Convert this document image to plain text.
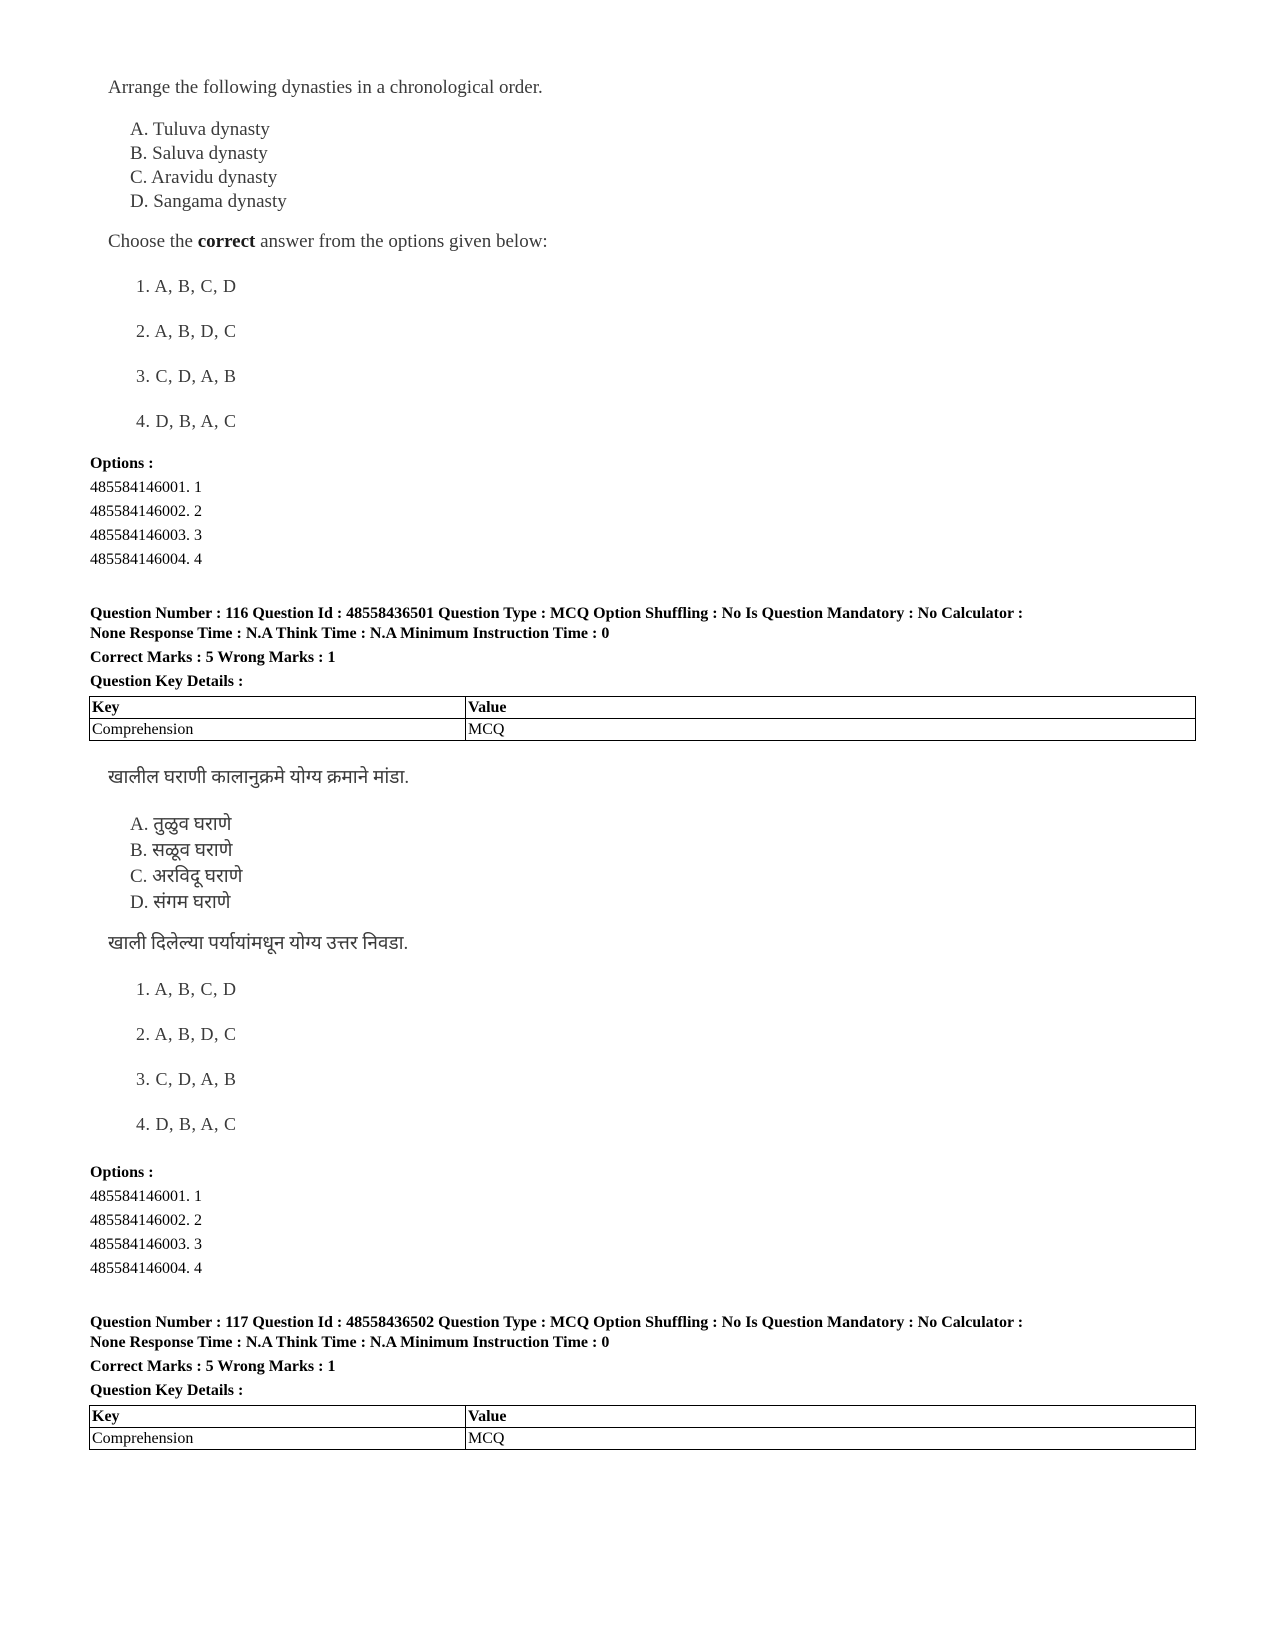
Arrange the following dynasties in a chronological order.

A. Tuluva dynasty
B. Saluva dynasty
C. Aravidu dynasty
D. Sangama dynasty

Choose the correct answer from the options given below:

1. A, B, C, D
2. A, B, D, C
3. C, D, A, B
4. D, B, A, C
Options :
485584146001. 1
485584146002. 2
485584146003. 3
485584146004. 4
Question Number : 116 Question Id : 48558436501 Question Type : MCQ Option Shuffling : No Is Question Mandatory : No Calculator :
None Response Time : N.A Think Time : N.A Minimum Instruction Time : 0
Correct Marks : 5 Wrong Marks : 1
Question Key Details :
Key	Value
Comprehension	MCQ

खालील घराणी कालानुक्रमे योग्य क्रमाने मांडा.

A. तुळुव घराणे
B. सळूव घराणे
C. अरविदू घराणे
D. संगम घराणे

खाली दिलेल्या पर्यायांमधून योग्य उत्तर निवडा.

1. A, B, C, D
2. A, B, D, C
3. C, D, A, B
4. D, B, A, C
Options :
485584146001. 1
485584146002. 2
485584146003. 3
485584146004. 4
Question Number : 117 Question Id : 48558436502 Question Type : MCQ Option Shuffling : No Is Question Mandatory : No Calculator :
None Response Time : N.A Think Time : N.A Minimum Instruction Time : 0
Correct Marks : 5 Wrong Marks : 1
Question Key Details :
Key	Value
Comprehension	MCQ
